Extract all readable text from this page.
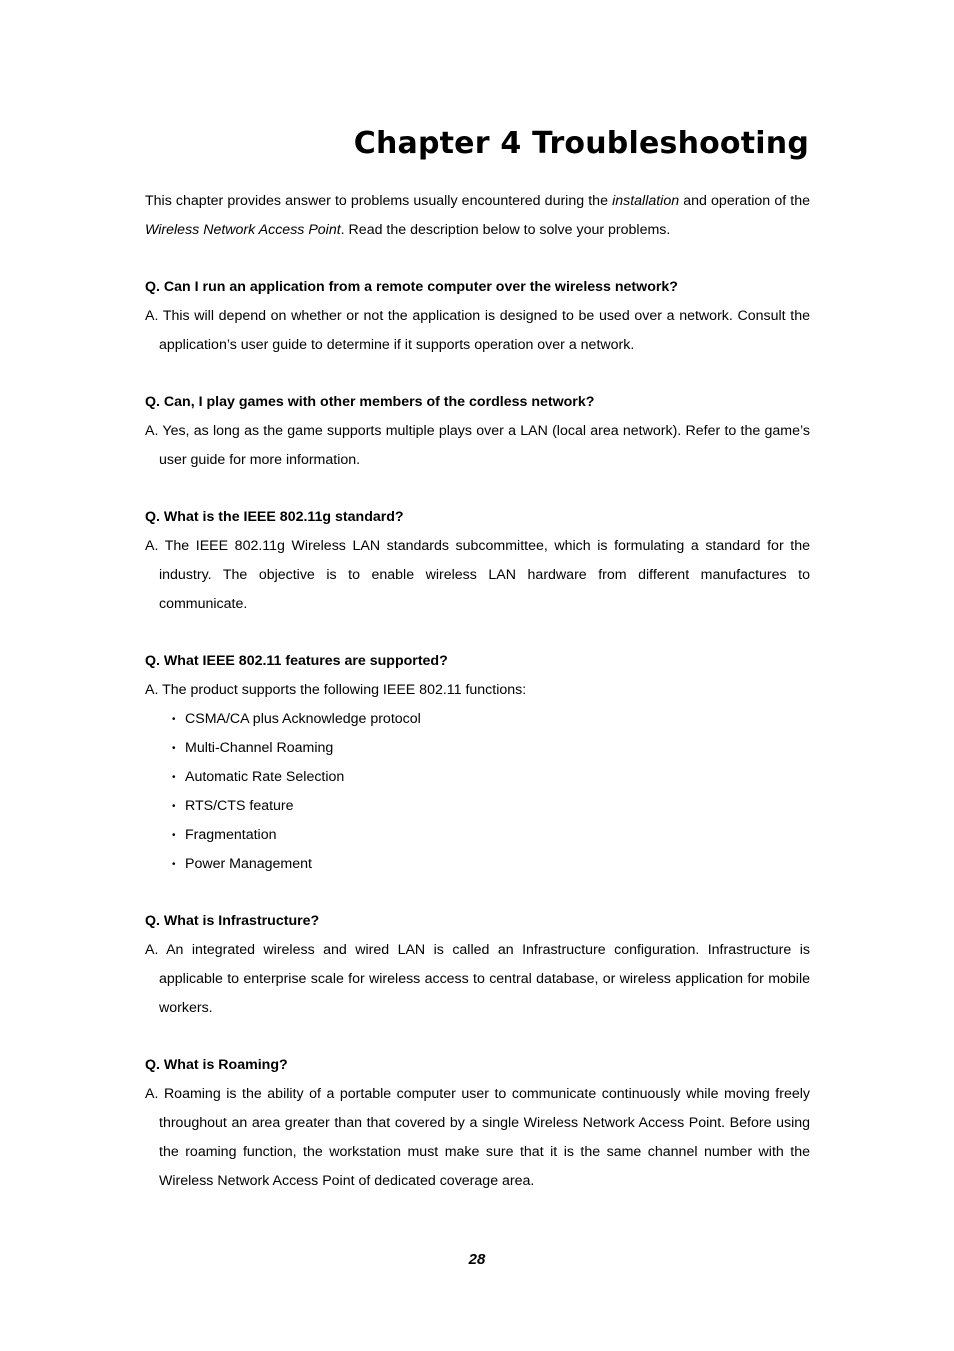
Chapter 4 Troubleshooting

This chapter provides answer to problems usually encountered during the installation and operation of the Wireless Network Access Point. Read the description below to solve your problems.

Q. Can I run an application from a remote computer over the wireless network?

A. This will depend on whether or not the application is designed to be used over a network. Consult the application’s user guide to determine if it supports operation over a network.

Q. Can, I play games with other members of the cordless network?

A. Yes, as long as the game supports multiple plays over a LAN (local area network). Refer to the game’s user guide for more information.

Q. What is the IEEE 802.11g standard?

A. The IEEE 802.11g Wireless LAN standards subcommittee, which is formulating a standard for the industry. The objective is to enable wireless LAN hardware from different manufactures to communicate.

Q. What IEEE 802.11 features are supported?

A. The product supports the following IEEE 802.11 functions:

• CSMA/CA plus Acknowledge protocol
• Multi-Channel Roaming
• Automatic Rate Selection
• RTS/CTS feature
• Fragmentation
• Power Management

Q. What is Infrastructure?

A. An integrated wireless and wired LAN is called an Infrastructure configuration. Infrastructure is applicable to enterprise scale for wireless access to central database, or wireless application for mobile workers.

Q. What is Roaming?

A. Roaming is the ability of a portable computer user to communicate continuously while moving freely throughout an area greater than that covered by a single Wireless Network Access Point. Before using the roaming function, the workstation must make sure that it is the same channel number with the Wireless Network Access Point of dedicated coverage area.

28
